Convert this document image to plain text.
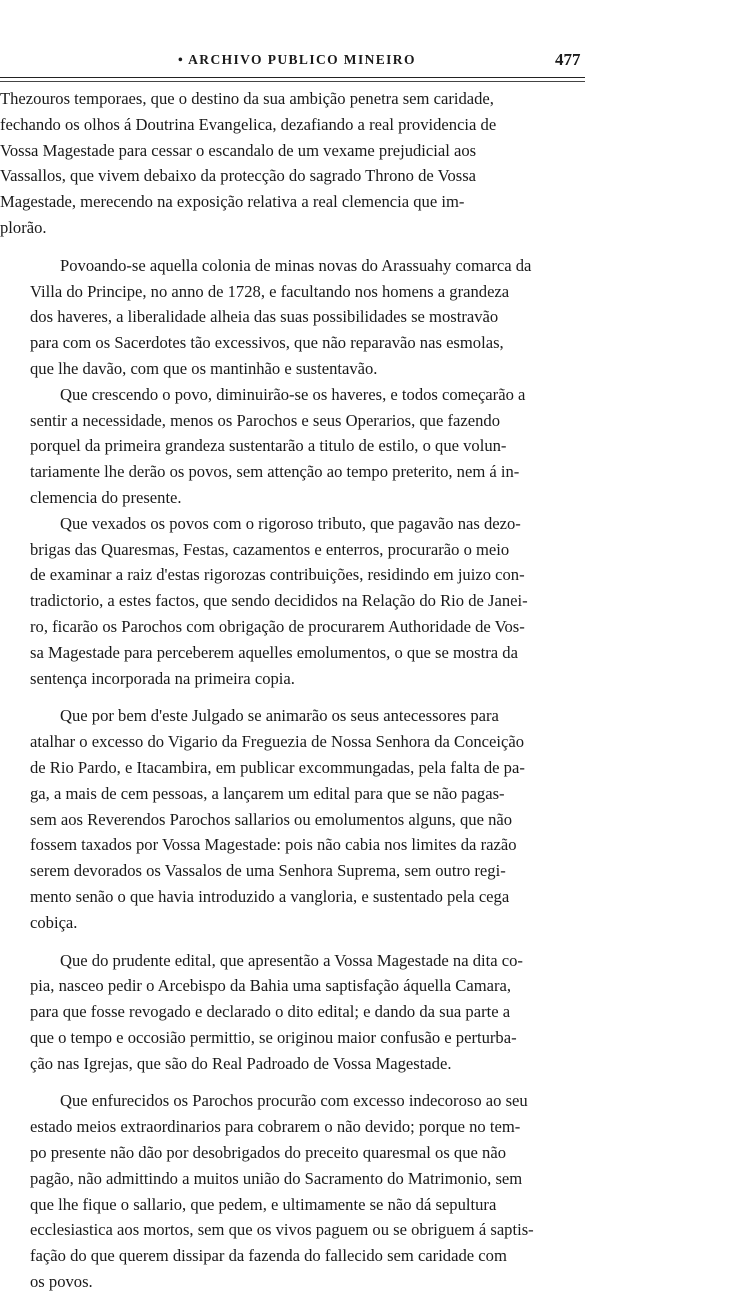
• ARCHIVO PUBLICO MINEIRO	477
Thezouros temporaes, que o destino da sua ambição penetra sem caridade,
fechando os olhos á Doutrina Evangelica, dezafiando a real providencia de
Vossa Magestade para cessar o escandalo de um vexame prejudicial aos
Vassallos, que vivem debaixo da protecção do sagrado Throno de Vossa
Magestade, merecendo na exposição relativa a real clemencia que im-
plorão.
Povoando-se aquella colonia de minas novas do Arassuahy comarca da
Villa do Principe, no anno de 1728, e facultando nos homens a grandeza
dos haveres, a liberalidade alheia das suas possibilidades se mostravão
para com os Sacerdotes tão excessivos, que não reparavão nas esmolas,
que lhe davão, com que os mantinhão e sustentavão.
Que crescendo o povo, diminuirão-se os haveres, e todos começarão a
sentir a necessidade, menos os Parochos e seus Operarios, que fazendo
porquel da primeira grandeza sustentarão a titulo de estilo, o que volun-
tariamente lhe derão os povos, sem attenção ao tempo preterito, nem á in-
clemencia do presente.
Que vexados os povos com o rigoroso tributo, que pagavão nas dezo-
brigas das Quaresmas, Festas, cazamentos e enterros, procurarão o meio
de examinar a raiz d'estas rigorozas contribuições, residindo em juizo con-
tradictorio, a estes factos, que sendo decididos na Relação do Rio de Janei-
ro, ficarão os Parochos com obrigação de procurarem Authoridade de Vos-
sa Magestade para perceberem aquelles emolumentos, o que se mostra da
sentença incorporada na primeira copia.
Que por bem d'este Julgado se animarão os seus antecessores para
atalhar o excesso do Vigario da Freguezia de Nossa Senhora da Conceição
de Rio Pardo, e Itacambira, em publicar excommungadas, pela falta de pa-
ga, a mais de cem pessoas, a lançarem um edital para que se não pagas-
sem aos Reverendos Parochos sallarios ou emolumentos alguns, que não
fossem taxados por Vossa Magestade: pois não cabia nos limites da razão
serem devorados os Vassalos de uma Senhora Suprema, sem outro regi-
mento senão o que havia introduzido a vangloria, e sustentado pela cega
cobiça.
Que do prudente edital, que apresentão a Vossa Magestade na dita co-
pia, nasceo pedir o Arcebispo da Bahia uma saptisfação áquella Camara,
para que fosse revogado e declarado o dito edital; e dando da sua parte a
que o tempo e occosião permittio, se originou maior confusão e perturba-
ção nas Igrejas, que são do Real Padroado de Vossa Magestade.
Que enfurecidos os Parochos procurão com excesso indecoroso ao seu
estado meios extraordinarios para cobrarem o não devido; porque no tem-
po presente não dão por desobrigados do preceito quaresmal os que não
pagão, não admittindo a muitos união do Sacramento do Matrimonio, sem
que lhe fique o sallario, que pedem, e ultimamente se não dá sepultura
ecclesiastica aos mortos, sem que os vivos paguem ou se obriguem á saptis-
fação do que querem dissipar da fazenda do fallecido sem caridade com
os povos.
